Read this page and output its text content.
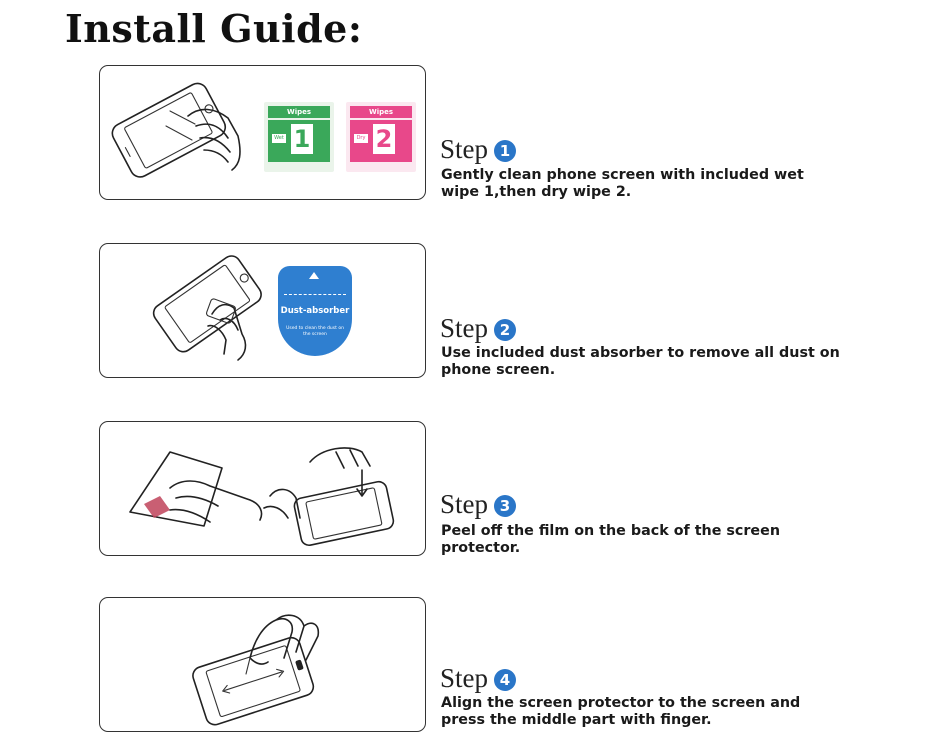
Install Guide:
Wipes
Wet 1
Wipes
Dry 2 Step 1
Gently clean phone screen with included wet wipe 1,then dry wipe 2.
Dust-absorber
Used to clean the dust on the screen	Step 2
Use included dust absorber to remove all dust on phone screen.
Step 3
Peel off the film on the back of the screen protector.
Step 4
Align the screen protector to the screen and press the middle part with finger.
